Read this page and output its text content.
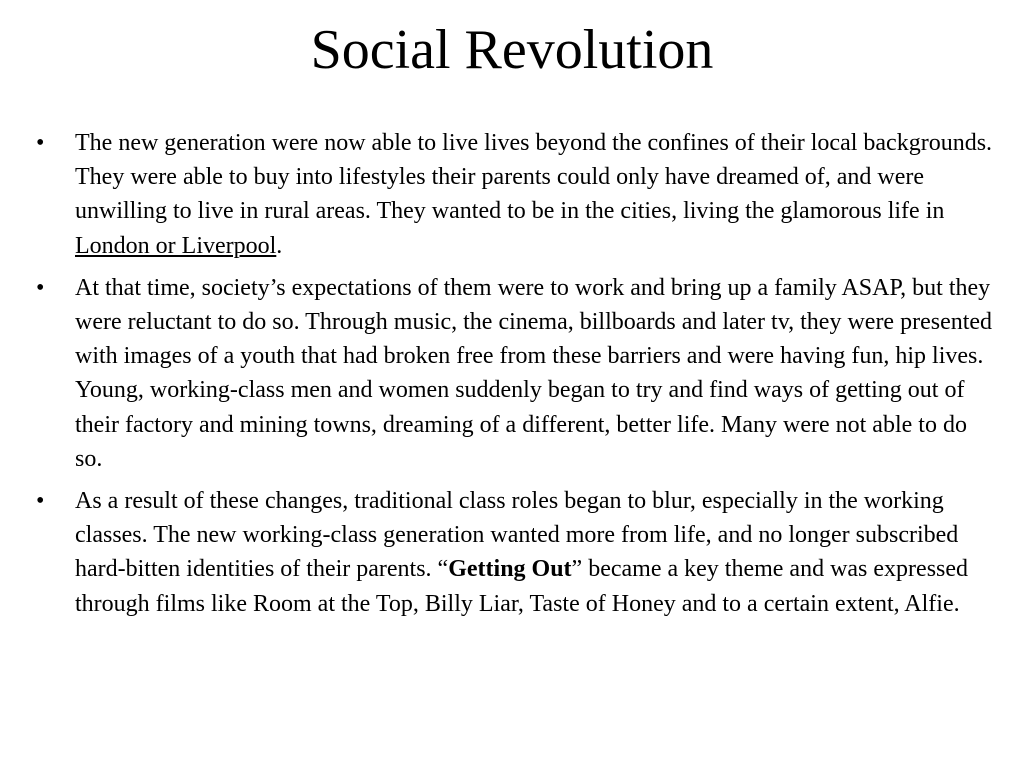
Social Revolution
• The new generation were now able to live lives beyond the confines of their local backgrounds. They were able to buy into lifestyles their parents could only have dreamed of, and were unwilling to live in rural areas. They wanted to be in the cities, living the glamorous life in London or Liverpool.
• At that time, society’s expectations of them were to work and bring up a family ASAP, but they were reluctant to do so. Through music, the cinema, billboards and later tv, they were presented with images of a youth that had broken free from these barriers and were having fun, hip lives. Young, working-class men and women suddenly began to try and find ways of getting out of their factory and mining towns, dreaming of a different, better life. Many were not able to do so.
• As a result of these changes, traditional class roles began to blur, especially in the working classes. The new working-class generation wanted more from life, and no longer subscribed hard-bitten identities of their parents. “Getting Out” became a key theme and was expressed through films like Room at the Top, Billy Liar, Taste of Honey and to a certain extent, Alfie.
